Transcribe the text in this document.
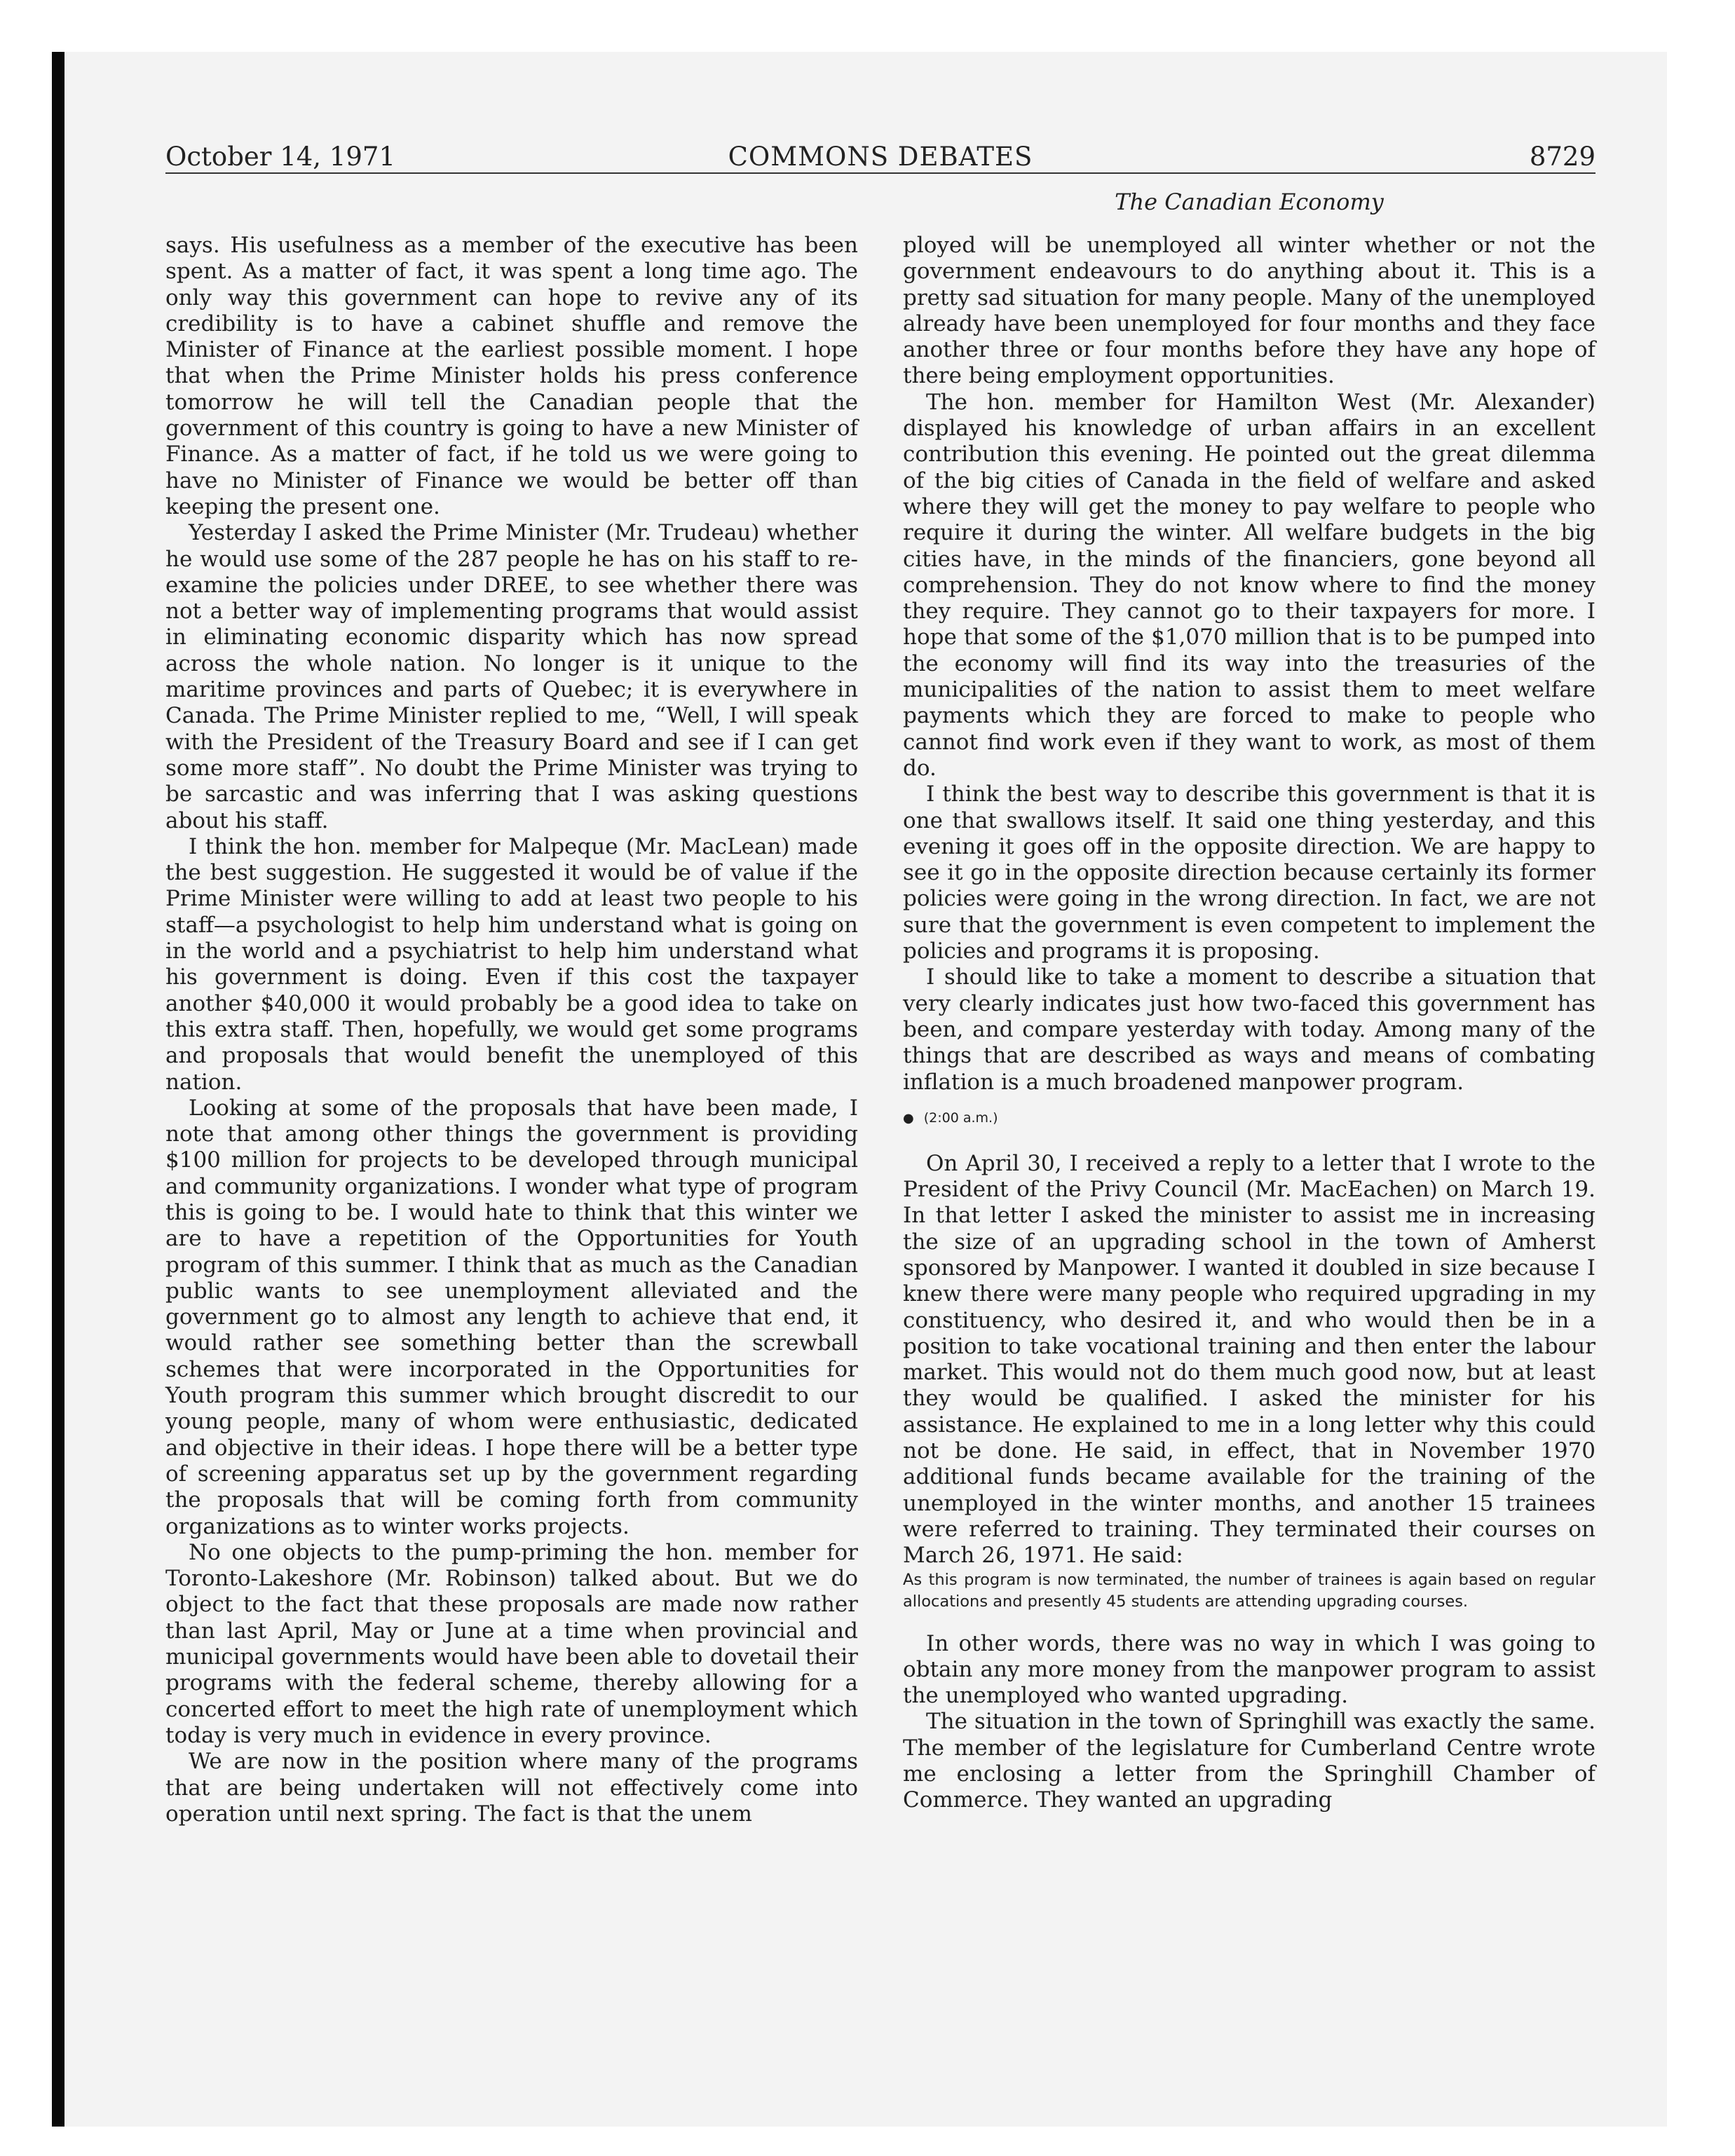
COMMONS DEBATES
October 14, 1971	8729
The Canadian Economy

says. His usefulness as a member of the executive has been spent. As a matter of fact, it was spent a long time ago. The only way this government can hope to revive any of its credibility is to have a cabinet shuffle and remove the Minister of Finance at the earliest possible moment. I hope that when the Prime Minister holds his press conference tomorrow he will tell the Canadian people that the government of this country is going to have a new Minister of Finance. As a matter of fact, if he told us we were going to have no Minister of Finance we would be better off than keeping the present one.

Yesterday I asked the Prime Minister (Mr. Trudeau) whether he would use some of the 287 people he has on his staff to re-examine the policies under DREE, to see whether there was not a better way of implementing programs that would assist in eliminating economic disparity which has now spread across the whole nation. No longer is it unique to the maritime provinces and parts of Quebec; it is everywhere in Canada. The Prime Minister replied to me, “Well, I will speak with the President of the Treasury Board and see if I can get some more staff”. No doubt the Prime Minister was trying to be sarcastic and was inferring that I was asking questions about his staff.

I think the hon. member for Malpeque (Mr. MacLean) made the best suggestion. He suggested it would be of value if the Prime Minister were willing to add at least two people to his staff—a psychologist to help him understand what is going on in the world and a psychiatrist to help him understand what his government is doing. Even if this cost the taxpayer another $40,000 it would probably be a good idea to take on this extra staff. Then, hopefully, we would get some programs and proposals that would benefit the unemployed of this nation.

Looking at some of the proposals that have been made, I note that among other things the government is providing $100 million for projects to be developed through municipal and community organizations. I wonder what type of program this is going to be. I would hate to think that this winter we are to have a repetition of the Opportunities for Youth program of this summer. I think that as much as the Canadian public wants to see unemployment alleviated and the government go to almost any length to achieve that end, it would rather see something better than the screwball schemes that were incorporated in the Opportunities for Youth program this summer which brought discredit to our young people, many of whom were enthusiastic, dedicated and objective in their ideas. I hope there will be a better type of screening apparatus set up by the government regarding the proposals that will be coming forth from community organizations as to winter works projects.

No one objects to the pump-priming the hon. member for Toronto-Lakeshore (Mr. Robinson) talked about. But we do object to the fact that these proposals are made now rather than last April, May or June at a time when provincial and municipal governments would have been able to dovetail their programs with the federal scheme, thereby allowing for a concerted effort to meet the high rate of unemployment which today is very much in evidence in every province.

We are now in the position where many of the programs that are being undertaken will not effectively come into operation until next spring. The fact is that the unem

ployed will be unemployed all winter whether or not the government endeavours to do anything about it. This is a pretty sad situation for many people. Many of the unemployed already have been unemployed for four months and they face another three or four months before they have any hope of there being employment opportunities.

The hon. member for Hamilton West (Mr. Alexander) displayed his knowledge of urban affairs in an excellent contribution this evening. He pointed out the great dilemma of the big cities of Canada in the field of welfare and asked where they will get the money to pay welfare to people who require it during the winter. All welfare budgets in the big cities have, in the minds of the financiers, gone beyond all comprehension. They do not know where to find the money they require. They cannot go to their taxpayers for more. I hope that some of the $1,070 million that is to be pumped into the economy will find its way into the treasuries of the municipalities of the nation to assist them to meet welfare payments which they are forced to make to people who cannot find work even if they want to work, as most of them do.

I think the best way to describe this government is that it is one that swallows itself. It said one thing yesterday, and this evening it goes off in the opposite direction. We are happy to see it go in the opposite direction because certainly its former policies were going in the wrong direction. In fact, we are not sure that the government is even competent to implement the policies and programs it is proposing.

I should like to take a moment to describe a situation that very clearly indicates just how two-faced this government has been, and compare yesterday with today. Among many of the things that are described as ways and means of combating inflation is a much broadened manpower program.

● (2:00 a.m.)

On April 30, I received a reply to a letter that I wrote to the President of the Privy Council (Mr. MacEachen) on March 19. In that letter I asked the minister to assist me in increasing the size of an upgrading school in the town of Amherst sponsored by Manpower. I wanted it doubled in size because I knew there were many people who required upgrading in my constituency, who desired it, and who would then be in a position to take vocational training and then enter the labour market. This would not do them much good now, but at least they would be qualified. I asked the minister for his assistance. He explained to me in a long letter why this could not be done. He said, in effect, that in November 1970 additional funds became available for the training of the unemployed in the winter months, and another 15 trainees were referred to training. They terminated their courses on March 26, 1971. He said:

As this program is now terminated, the number of trainees is again based on regular allocations and presently 45 students are attending upgrading courses.

In other words, there was no way in which I was going to obtain any more money from the manpower program to assist the unemployed who wanted upgrading.

The situation in the town of Springhill was exactly the same. The member of the legislature for Cumberland Centre wrote me enclosing a letter from the Springhill Chamber of Commerce. They wanted an upgrading
